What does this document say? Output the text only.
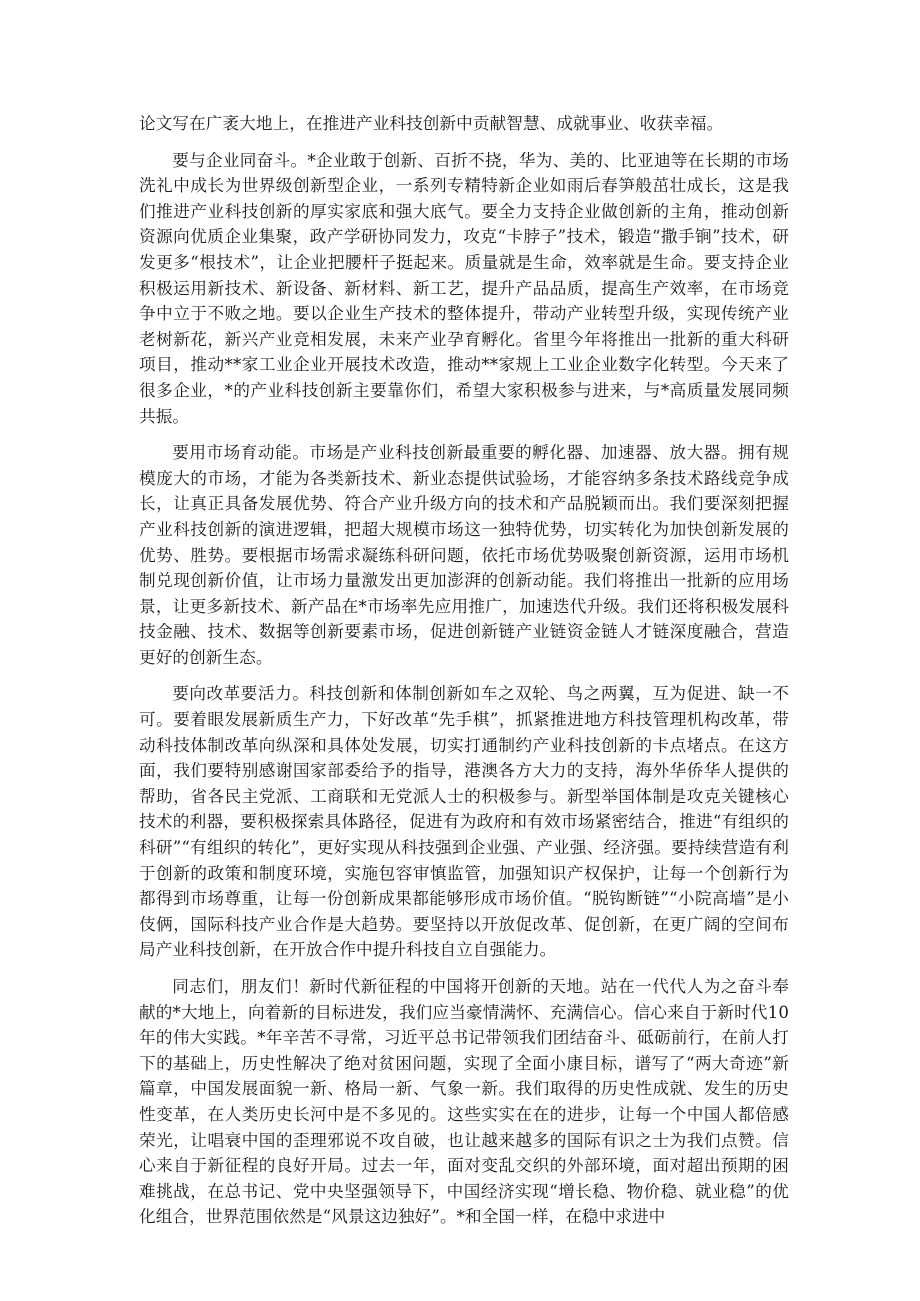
论文写在广袤大地上，在推进产业科技创新中贡献智慧、成就事业、收获幸福。

要与企业同奋斗。*企业敢于创新、百折不挠，华为、美的、比亚迪等在长期的市场洗礼中成长为世界级创新型企业，一系列专精特新企业如雨后春笋般茁壮成长，这是我们推进产业科技创新的厚实家底和强大底气。要全力支持企业做创新的主角，推动创新资源向优质企业集聚，政产学研协同发力，攻克“卡脖子”技术，锻造“撒手锏”技术，研发更多“根技术”，让企业把腰杆子挺起来。质量就是生命，效率就是生命。要支持企业积极运用新技术、新设备、新材料、新工艺，提升产品品质，提高生产效率，在市场竞争中立于不败之地。要以企业生产技术的整体提升，带动产业转型升级，实现传统产业老树新花，新兴产业竞相发展，未来产业孕育孵化。省里今年将推出一批新的重大科研项目，推动**家工业企业开展技术改造，推动**家规上工业企业数字化转型。今天来了很多企业，*的产业科技创新主要靠你们，希望大家积极参与进来，与*高质量发展同频共振。

要用市场育动能。市场是产业科技创新最重要的孵化器、加速器、放大器。拥有规模庞大的市场，才能为各类新技术、新业态提供试验场，才能容纳多条技术路线竞争成长，让真正具备发展优势、符合产业升级方向的技术和产品脱颖而出。我们要深刻把握产业科技创新的演进逻辑，把超大规模市场这一独特优势，切实转化为加快创新发展的优势、胜势。要根据市场需求凝练科研问题，依托市场优势吸聚创新资源，运用市场机制兑现创新价值，让市场力量激发出更加澎湃的创新动能。我们将推出一批新的应用场景，让更多新技术、新产品在*市场率先应用推广，加速迭代升级。我们还将积极发展科技金融、技术、数据等创新要素市场，促进创新链产业链资金链人才链深度融合，营造更好的创新生态。

要向改革要活力。科技创新和体制创新如车之双轮、鸟之两翼，互为促进、缺一不可。要着眼发展新质生产力，下好改革“先手棋”，抓紧推进地方科技管理机构改革，带动科技体制改革向纵深和具体处发展，切实打通制约产业科技创新的卡点堵点。在这方面，我们要特别感谢国家部委给予的指导，港澳各方大力的支持，海外华侨华人提供的帮助，省各民主党派、工商联和无党派人士的积极参与。新型举国体制是攻克关键核心技术的利器，要积极探索具体路径，促进有为政府和有效市场紧密结合，推进“有组织的科研”“有组织的转化”，更好实现从科技强到企业强、产业强、经济强。要持续营造有利于创新的政策和制度环境，实施包容审慎监管，加强知识产权保护，让每一个创新行为都得到市场尊重，让每一份创新成果都能够形成市场价值。“脱钩断链”“小院高墙”是小伎俩，国际科技产业合作是大趋势。要坚持以开放促改革、促创新，在更广阔的空间布局产业科技创新，在开放合作中提升科技自立自强能力。

同志们，朋友们！新时代新征程的中国将开创新的天地。站在一代代人为之奋斗奉献的*大地上，向着新的目标进发，我们应当豪情满怀、充满信心。信心来自于新时代10年的伟大实践。*年辛苦不寻常，习近平总书记带领我们团结奋斗、砥砺前行，在前人打下的基础上，历史性解决了绝对贫困问题，实现了全面小康目标，谱写了“两大奇迹”新篇章，中国发展面貌一新、格局一新、气象一新。我们取得的历史性成就、发生的历史性变革，在人类历史长河中是不多见的。这些实实在在的进步，让每一个中国人都倍感荣光，让唱衰中国的歪理邪说不攻自破，也让越来越多的国际有识之士为我们点赞。信心来自于新征程的良好开局。过去一年，面对变乱交织的外部环境，面对超出预期的困难挑战，在总书记、党中央坚强领导下，中国经济实现“增长稳、物价稳、就业稳”的优化组合，世界范围依然是“风景这边独好”。*和全国一样，在稳中求进中
